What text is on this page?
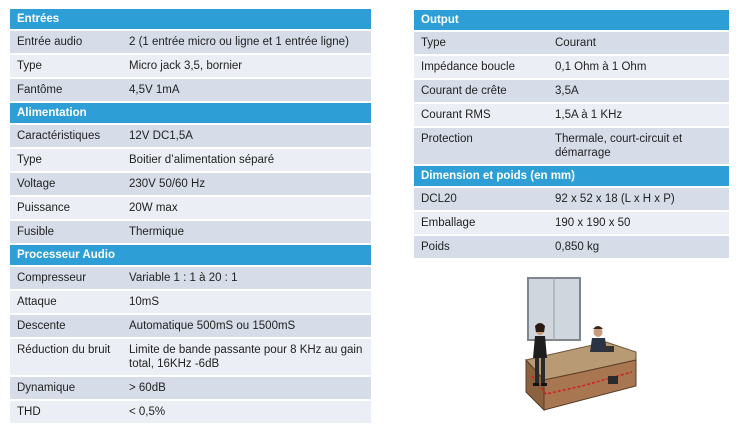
Entrées	
Entrée audio	2 (1 entrée micro ou ligne et 1 entrée ligne)
Type	Micro jack 3,5, bornier
Fantôme	4,5V 1mA
Alimentation	
Caractéristiques	12V DC1,5A
Type	Boitier d’alimentation séparé
Voltage	230V 50/60 Hz
Puissance	20W max
Fusible	Thermique
Processeur Audio	
Compresseur	Variable 1 : 1 à 20 : 1
Attaque	10mS
Descente	Automatique 500mS ou 1500mS
Réduction du bruit	Limite de bande passante pour 8 KHz au gain total, 16KHz -6dB
Dynamique	> 60dB
THD	< 0,5%
Output	
Type	Courant
Impédance boucle	0,1 Ohm à 1 Ohm
Courant de crête	3,5A
Courant RMS	1,5A à 1 KHz
Protection	Thermale, court-circuit et démarrage
Dimension et poids (en mm)	
DCL20	92 x 52 x 18 (L x H x P)
Emballage	190 x 190 x 50
Poids	0,850 kg
